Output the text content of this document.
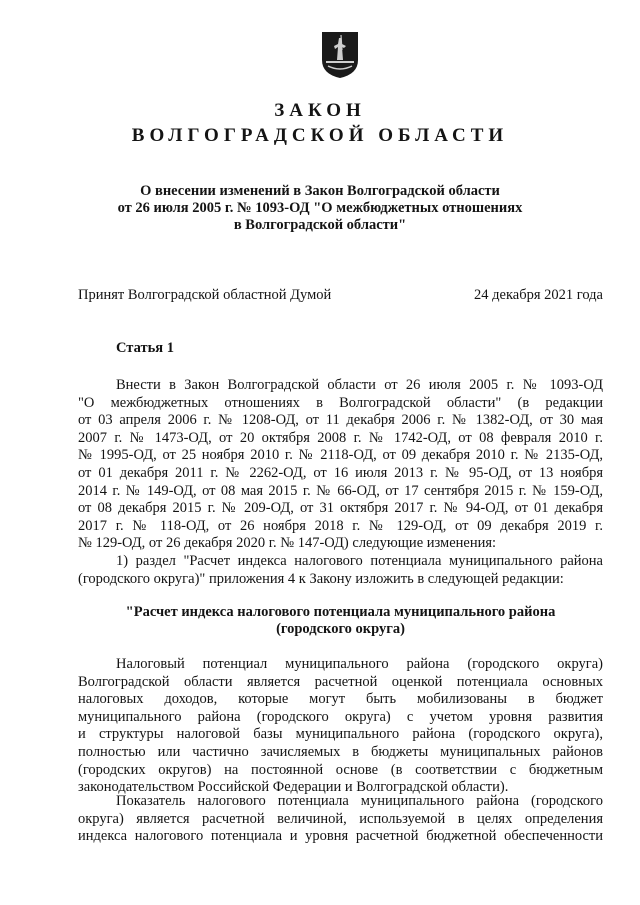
ЗАКОН
ВОЛГОГРАДСКОЙ ОБЛАСТИ
О внесении изменений в Закон Волгоградской области
от 26 июля 2005 г. № 1093-ОД "О межбюджетных отношениях
в Волгоградской области"
Принят Волгоградской областной Думой	24 декабря 2021 года
Статья 1
Внести в Закон Волгоградской области от 26 июля 2005 г. № 1093-ОД
"О межбюджетных отношениях в Волгоградской области" (в редакции
от 03 апреля 2006 г. № 1208-ОД, от 11 декабря 2006 г. № 1382-ОД, от 30 мая
2007 г. № 1473-ОД, от 20 октября 2008 г. № 1742-ОД, от 08 февраля 2010 г.
№ 1995-ОД, от 25 ноября 2010 г. № 2118-ОД, от 09 декабря 2010 г. № 2135-ОД,
от 01 декабря 2011 г. № 2262-ОД, от 16 июля 2013 г. № 95-ОД, от 13 ноября
2014 г. № 149-ОД, от 08 мая 2015 г. № 66-ОД, от 17 сентября 2015 г. № 159-ОД,
от 08 декабря 2015 г. № 209-ОД, от 31 октября 2017 г. № 94-ОД, от 01 декабря
2017 г. № 118-ОД, от 26 ноября 2018 г. № 129-ОД, от 09 декабря 2019 г.
№ 129-ОД, от 26 декабря 2020 г. № 147-ОД) следующие изменения:
1) раздел "Расчет индекса налогового потенциала муниципального района
(городского округа)" приложения 4 к Закону изложить в следующей редакции:
"Расчет индекса налогового потенциала муниципального района
(городского округа)
Налоговый потенциал муниципального района (городского округа)
Волгоградской области является расчетной оценкой потенциала основных
налоговых доходов, которые могут быть мобилизованы в бюджет
муниципального района (городского округа) с учетом уровня развития
и структуры налоговой базы муниципального района (городского округа),
полностью или частично зачисляемых в бюджеты муниципальных районов
(городских округов) на постоянной основе (в соответствии с бюджетным
законодательством Российской Федерации и Волгоградской области).
Показатель налогового потенциала муниципального района (городского
округа) является расчетной величиной, используемой в целях определения
индекса налогового потенциала и уровня расчетной бюджетной обеспеченности
